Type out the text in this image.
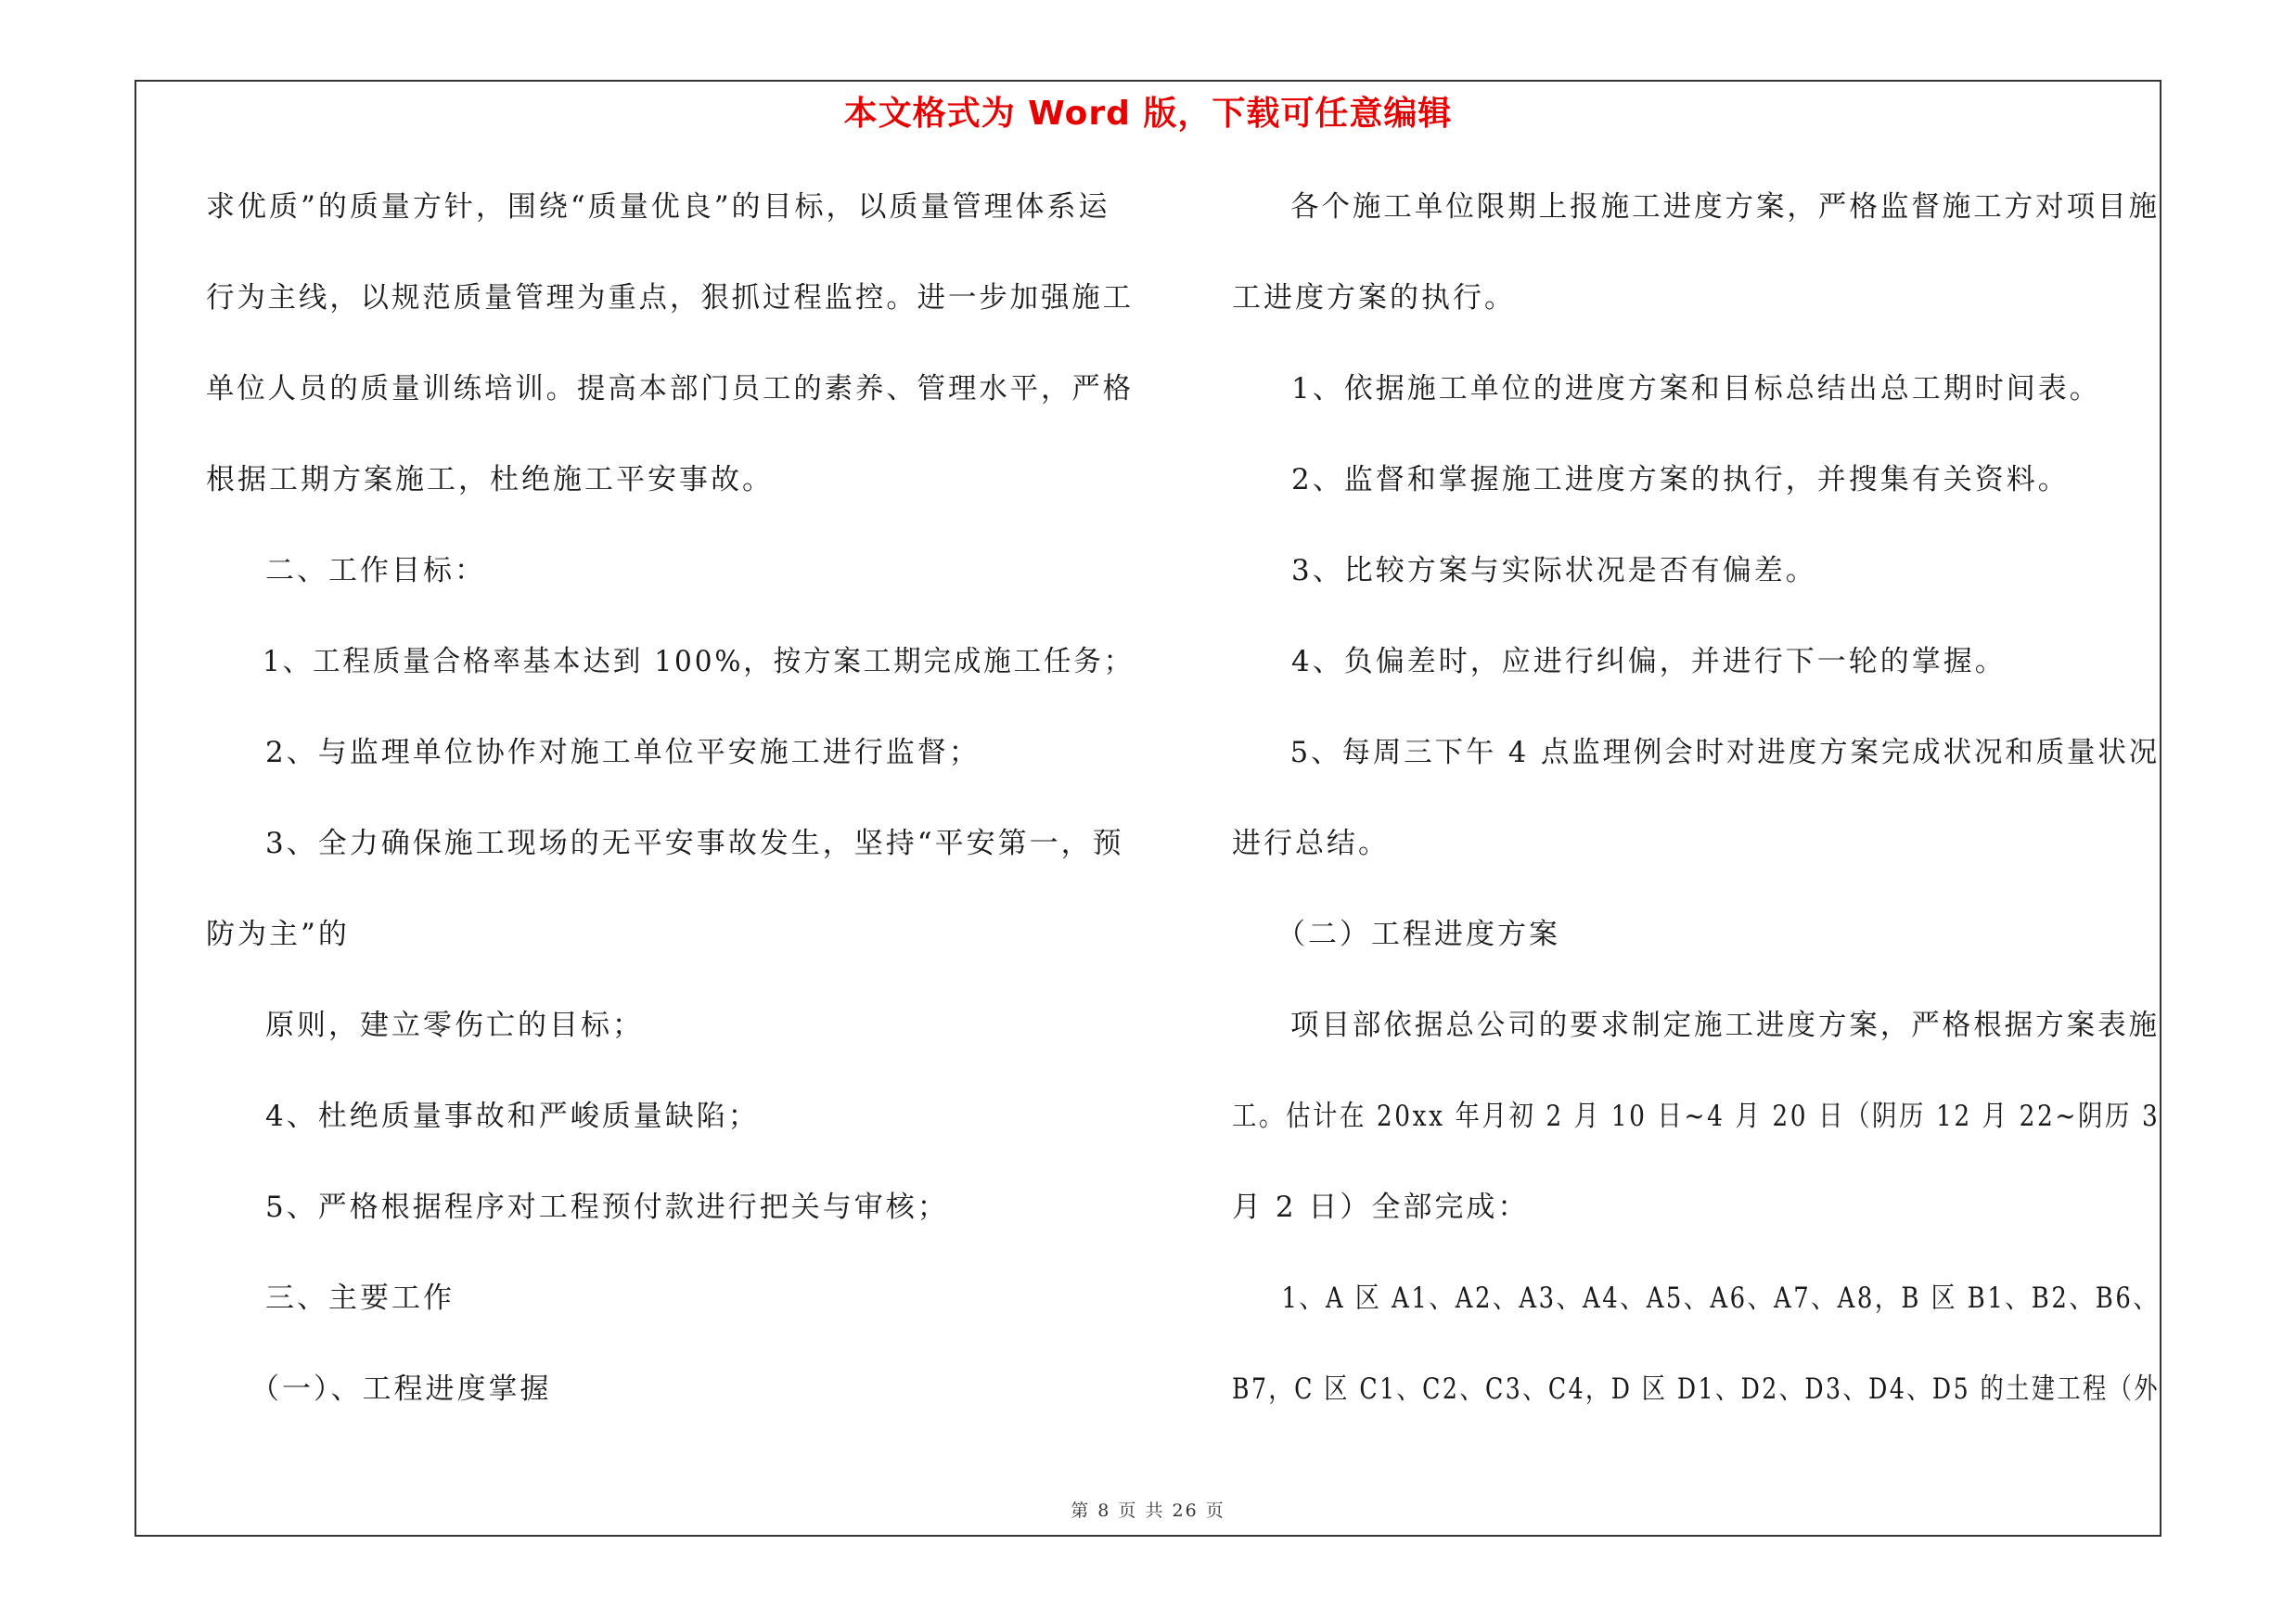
本文格式为 Word 版，下载可任意编辑
求优质”的质量方针，围绕“质量优良”的目标，以质量管理体系运
行为主线，以规范质量管理为重点，狠抓过程监控。进一步加强施工
单位人员的质量训练培训。提高本部门员工的素养、管理水平，严格
根据工期方案施工，杜绝施工平安事故。
二、工作目标：
1、工程质量合格率基本达到 100%，按方案工期完成施工任务；
2、与监理单位协作对施工单位平安施工进行监督；
3、全力确保施工现场的无平安事故发生，坚持“平安第一，预
防为主”的
原则，建立零伤亡的目标；
4、杜绝质量事故和严峻质量缺陷；
5、严格根据程序对工程预付款进行把关与审核；
三、主要工作
（一）、工程进度掌握
各个施工单位限期上报施工进度方案，严格监督施工方对项目施
工进度方案的执行。
1、依据施工单位的进度方案和目标总结出总工期时间表。
2、监督和掌握施工进度方案的执行，并搜集有关资料。
3、比较方案与实际状况是否有偏差。
4、负偏差时，应进行纠偏，并进行下一轮的掌握。
5、每周三下午 4 点监理例会时对进度方案完成状况和质量状况
进行总结。
（二）工程进度方案
项目部依据总公司的要求制定施工进度方案，严格根据方案表施
工。估计在 20xx 年月初 2 月 10 日~4 月 20 日（阴历 12 月 22~阴历 3
月 2 日）全部完成：
1、A 区 A1、A2、A3、A4、A5、A6、A7、A8，B 区 B1、B2、B6、
B7，C 区 C1、C2、C3、C4，D 区 D1、D2、D3、D4、D5 的土建工程（外
第 8 页 共 26 页
